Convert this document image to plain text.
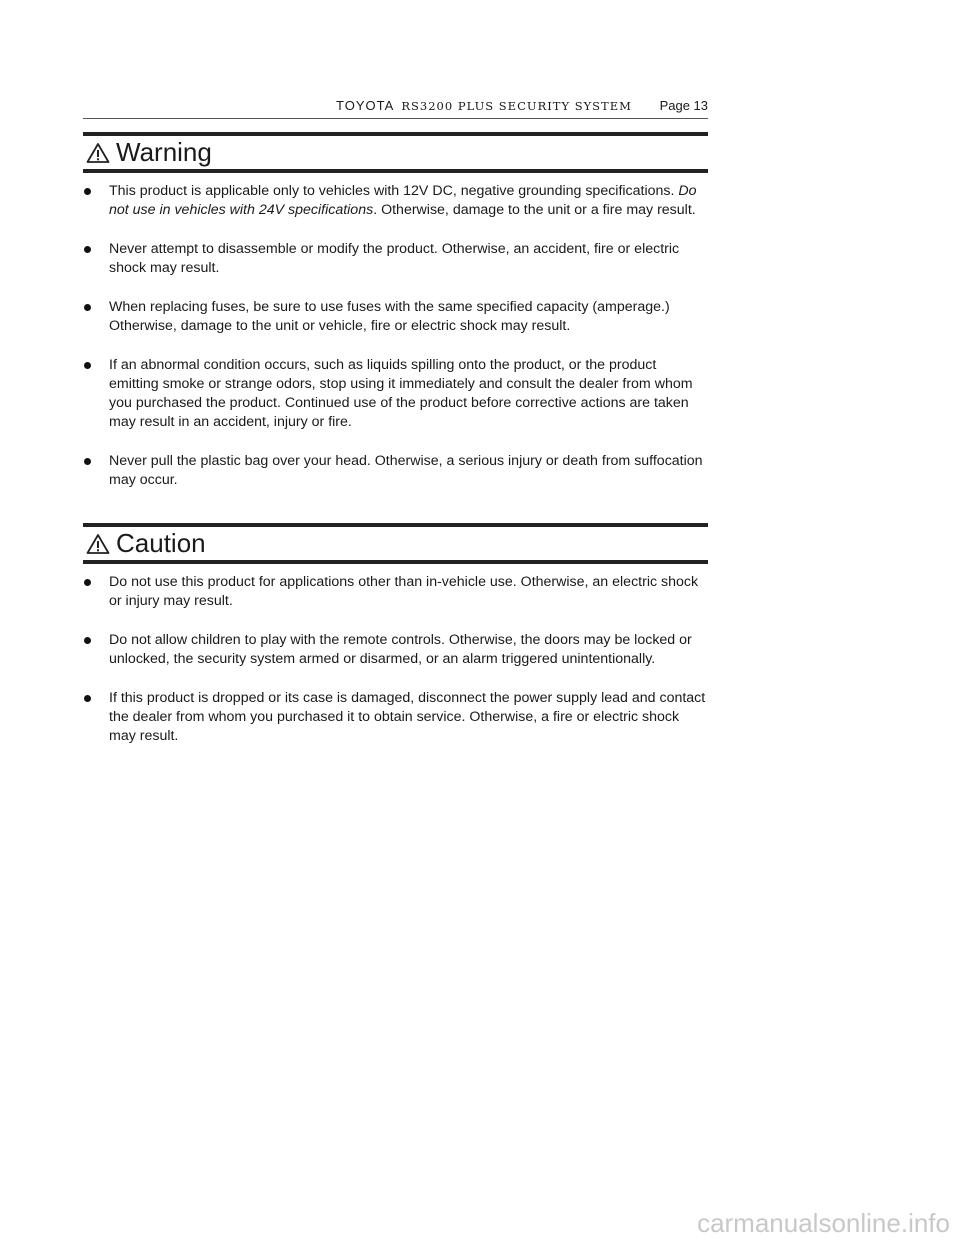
TOYOTA RS3200 PLUS SECURITY SYSTEM Page 13
Warning
This product is applicable only to vehicles with 12V DC, negative grounding specifications. Do not use in vehicles with 24V specifications. Otherwise, damage to the unit or a fire may result.
Never attempt to disassemble or modify the product. Otherwise, an accident, fire or electric shock may result.
When replacing fuses, be sure to use fuses with the same specified capacity (amperage.) Otherwise, damage to the unit or vehicle, fire or electric shock may result.
If an abnormal condition occurs, such as liquids spilling onto the product, or the product emitting smoke or strange odors, stop using it immediately and consult the dealer from whom you purchased the product. Continued use of the product before corrective actions are taken may result in an accident, injury or fire.
Never pull the plastic bag over your head. Otherwise, a serious injury or death from suffocation may occur.
Caution
Do not use this product for applications other than in-vehicle use. Otherwise, an electric shock or injury may result.
Do not allow children to play with the remote controls. Otherwise, the doors may be locked or unlocked, the security system armed or disarmed, or an alarm triggered unintentionally.
If this product is dropped or its case is damaged, disconnect the power supply lead and contact the dealer from whom you purchased it to obtain service. Otherwise, a fire or electric shock may result.
carmanualsonline.info
